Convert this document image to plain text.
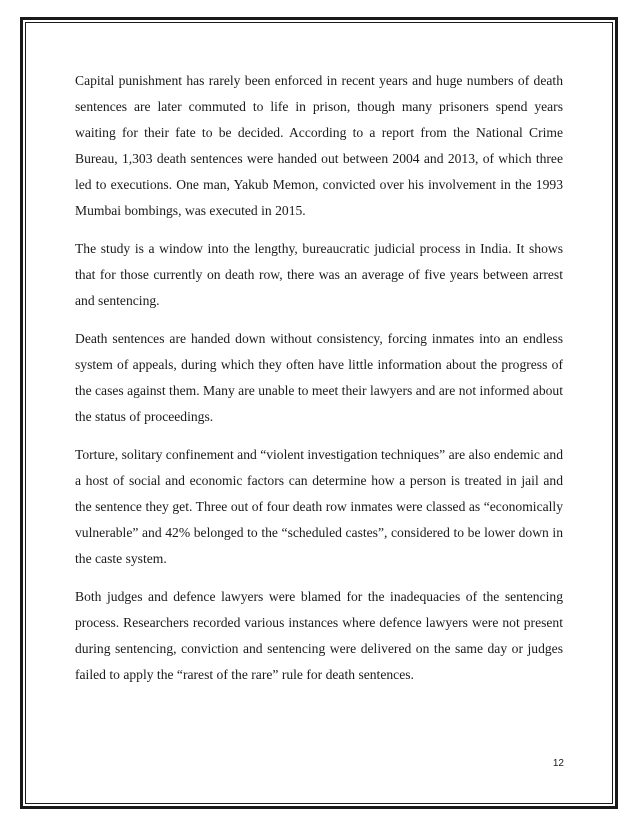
Capital punishment has rarely been enforced in recent years and huge numbers of death sentences are later commuted to life in prison, though many prisoners spend years waiting for their fate to be decided. According to a report from the National Crime Bureau, 1,303 death sentences were handed out between 2004 and 2013, of which three led to executions. One man, Yakub Memon, convicted over his involvement in the 1993 Mumbai bombings, was executed in 2015.

The study is a window into the lengthy, bureaucratic judicial process in India. It shows that for those currently on death row, there was an average of five years between arrest and sentencing.

Death sentences are handed down without consistency, forcing inmates into an endless system of appeals, during which they often have little information about the progress of the cases against them. Many are unable to meet their lawyers and are not informed about the status of proceedings.

Torture, solitary confinement and “violent investigation techniques” are also endemic and a host of social and economic factors can determine how a person is treated in jail and the sentence they get. Three out of four death row inmates were classed as “economically vulnerable” and 42% belonged to the “scheduled castes”, considered to be lower down in the caste system.

Both judges and defence lawyers were blamed for the inadequacies of the sentencing process. Researchers recorded various instances where defence lawyers were not present during sentencing, conviction and sentencing were delivered on the same day or judges failed to apply the “rarest of the rare” rule for death sentences.

12
